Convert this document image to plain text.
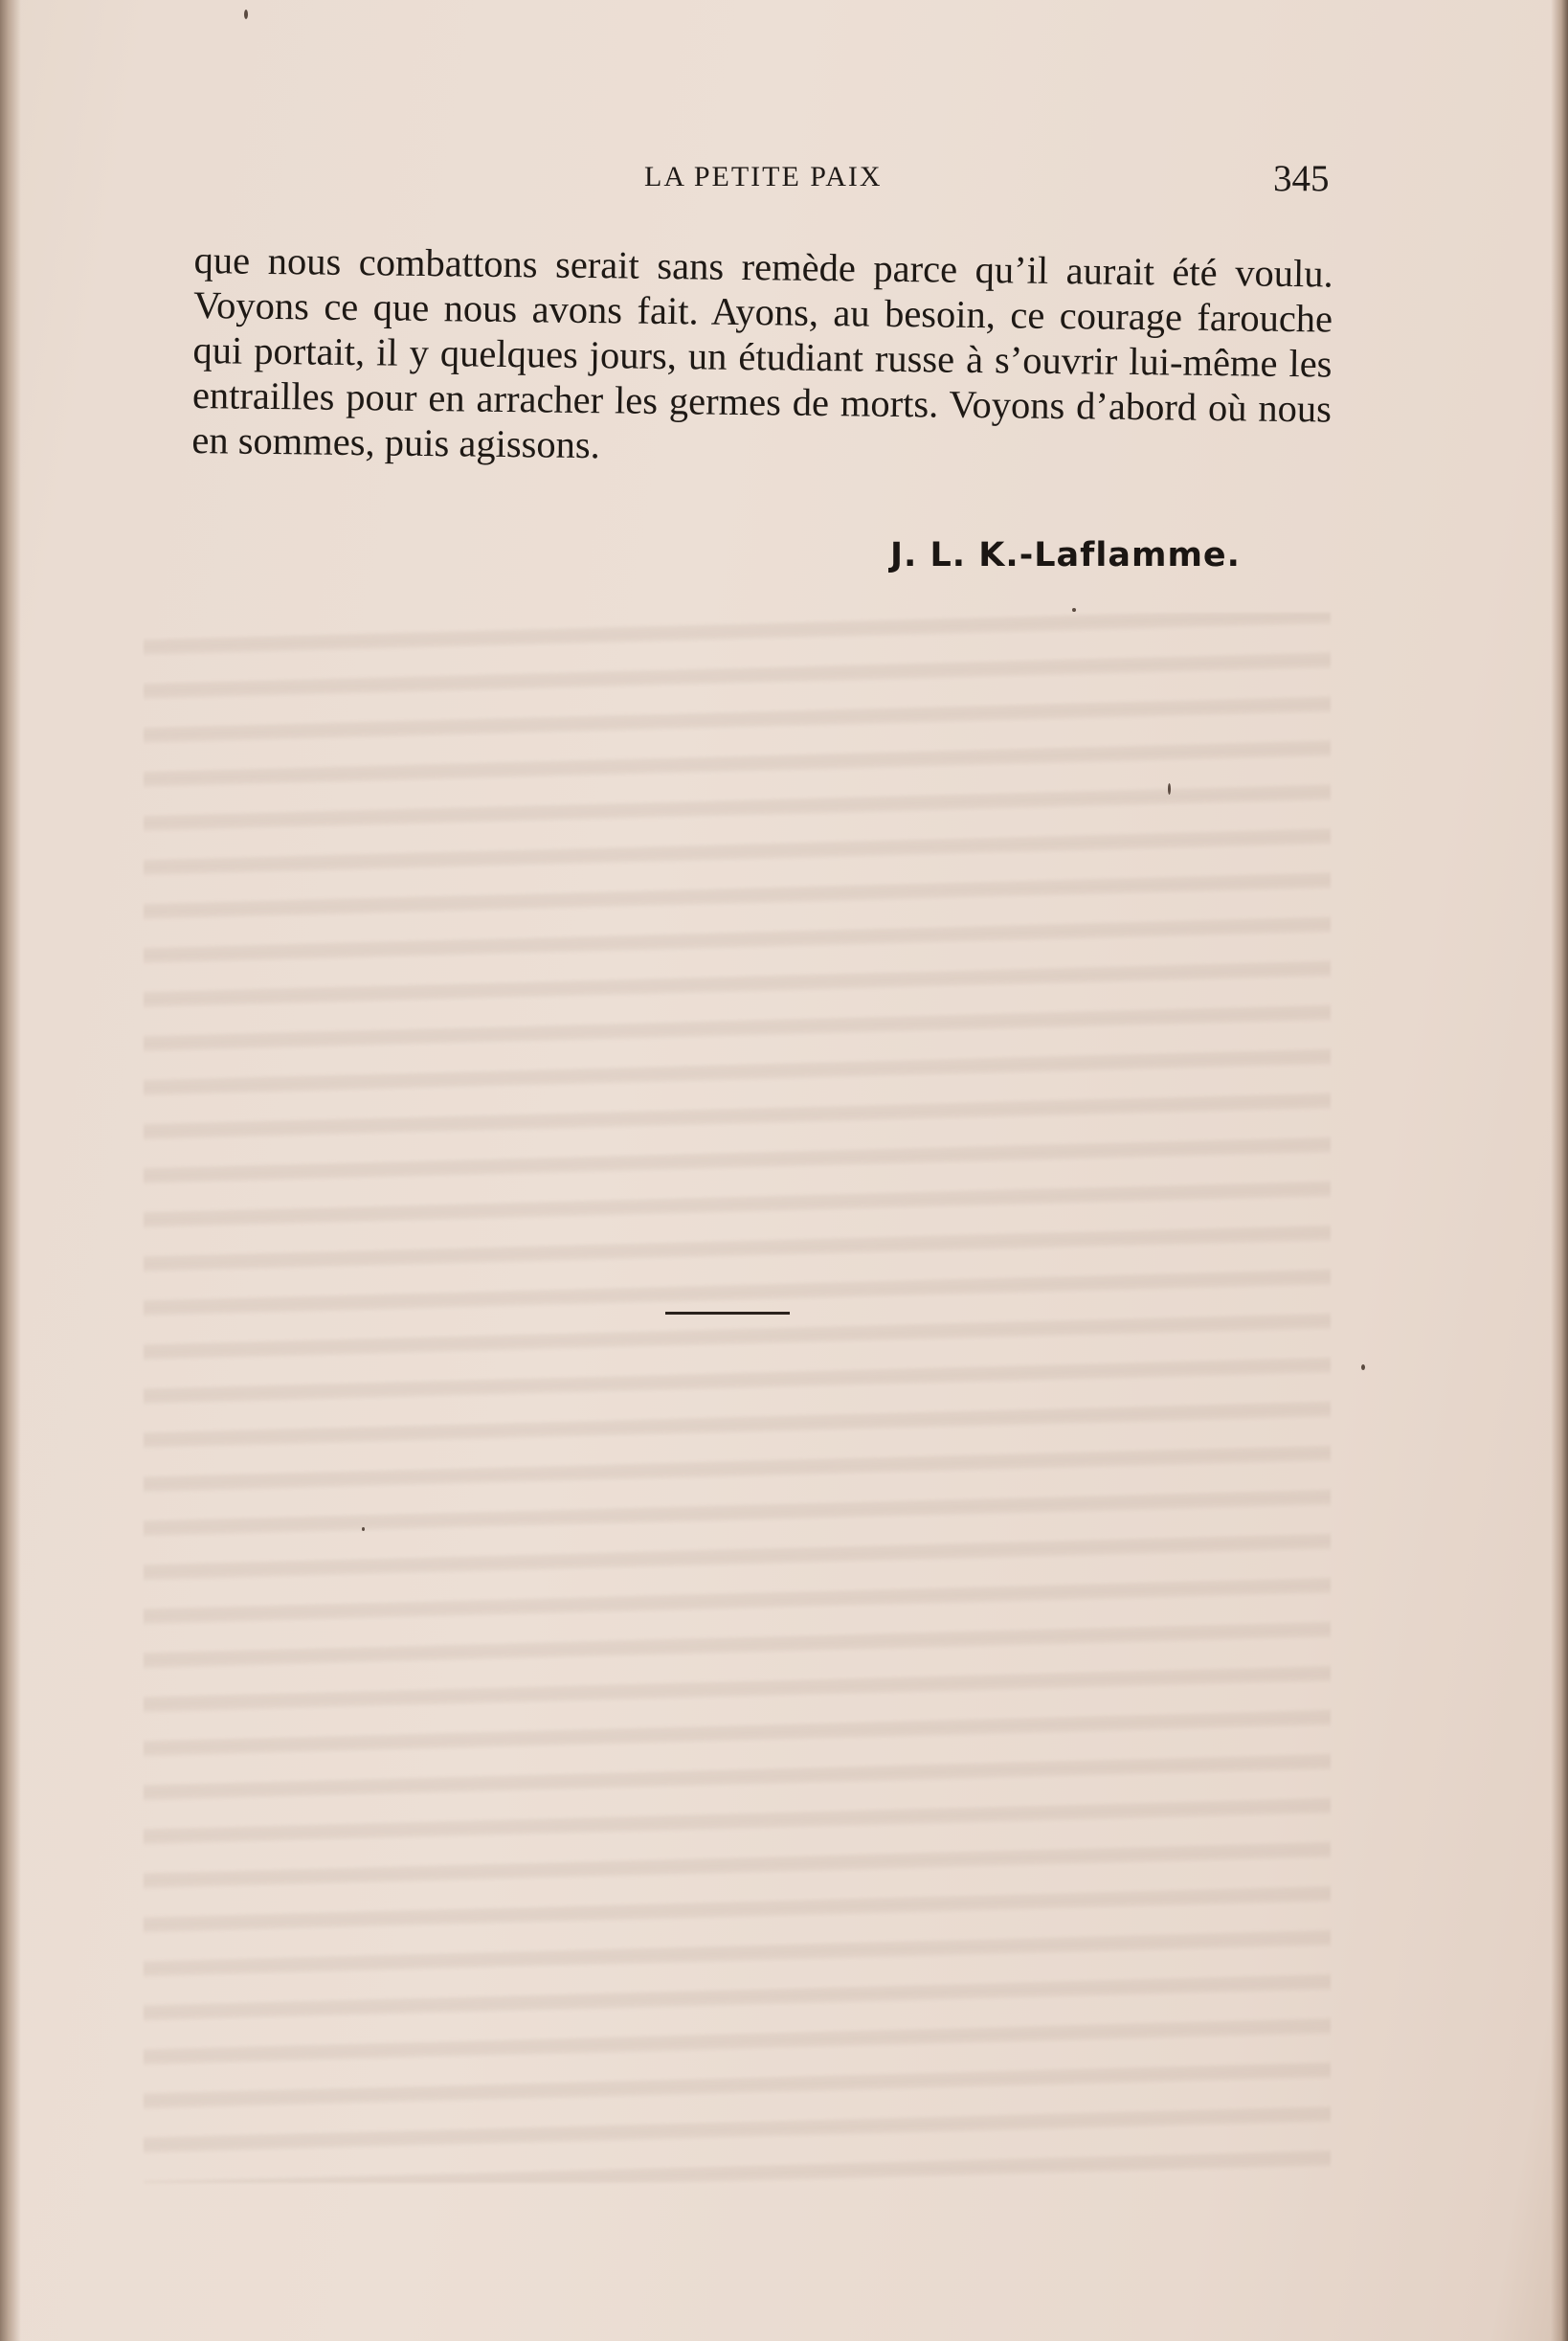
LA PETITE PAIX	345

que nous combattons serait sans remède parce qu’il aurait été voulu. Voyons ce que nous avons fait. Ayons, au besoin, ce courage farouche qui portait, il y quelques jours, un étudiant russe à s’ouvrir lui-même les entrailles pour en arracher les germes de morts. Voyons d’abord où nous en sommes, puis agissons.

J. L. K.-Laflamme.
